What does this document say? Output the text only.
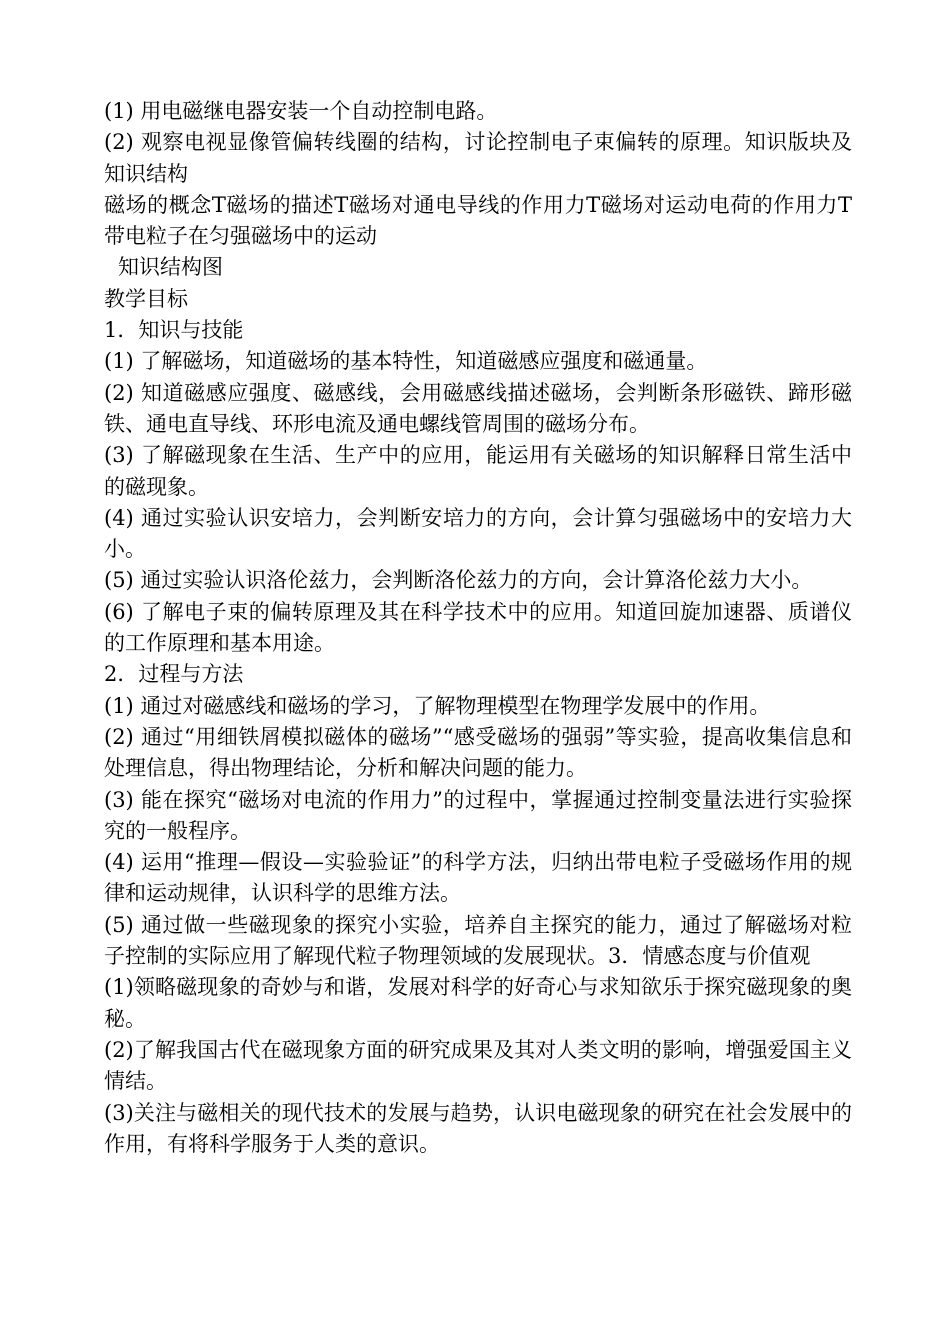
(1) 用电磁继电器安装一个自动控制电路。

(2) 观察电视显像管偏转线圈的结构，讨论控制电子束偏转的原理。知识版块及知识结构

磁场的概念T磁场的描述T磁场对通电导线的作用力T磁场对运动电荷的作用力T带电粒子在匀强磁场中的运动

知识结构图

教学目标

1．知识与技能

(1) 了解磁场，知道磁场的基本特性，知道磁感应强度和磁通量。

(2) 知道磁感应强度、磁感线，会用磁感线描述磁场，会判断条形磁铁、蹄形磁铁、通电直导线、环形电流及通电螺线管周围的磁场分布。

(3) 了解磁现象在生活、生产中的应用，能运用有关磁场的知识解释日常生活中的磁现象。

(4) 通过实验认识安培力，会判断安培力的方向，会计算匀强磁场中的安培力大小。

(5) 通过实验认识洛伦兹力，会判断洛伦兹力的方向，会计算洛伦兹力大小。

(6) 了解电子束的偏转原理及其在科学技术中的应用。知道回旋加速器、质谱仪的工作原理和基本用途。

2．过程与方法

(1) 通过对磁感线和磁场的学习，了解物理模型在物理学发展中的作用。

(2) 通过“用细铁屑模拟磁体的磁场”“感受磁场的强弱”等实验，提高收集信息和处理信息，得出物理结论，分析和解决问题的能力。

(3) 能在探究“磁场对电流的作用力”的过程中，掌握通过控制变量法进行实验探究的一般程序。

(4) 运用“推理—假设—实验验证”的科学方法，归纳出带电粒子受磁场作用的规律和运动规律，认识科学的思维方法。

(5) 通过做一些磁现象的探究小实验，培养自主探究的能力，通过了解磁场对粒子控制的实际应用了解现代粒子物理领域的发展现状。3．情感态度与价值观

(1)领略磁现象的奇妙与和谐，发展对科学的好奇心与求知欲乐于探究磁现象的奥秘。

(2)了解我国古代在磁现象方面的研究成果及其对人类文明的影响，增强爱国主义情结。

(3)关注与磁相关的现代技术的发展与趋势，认识电磁现象的研究在社会发展中的作用，有将科学服务于人类的意识。
